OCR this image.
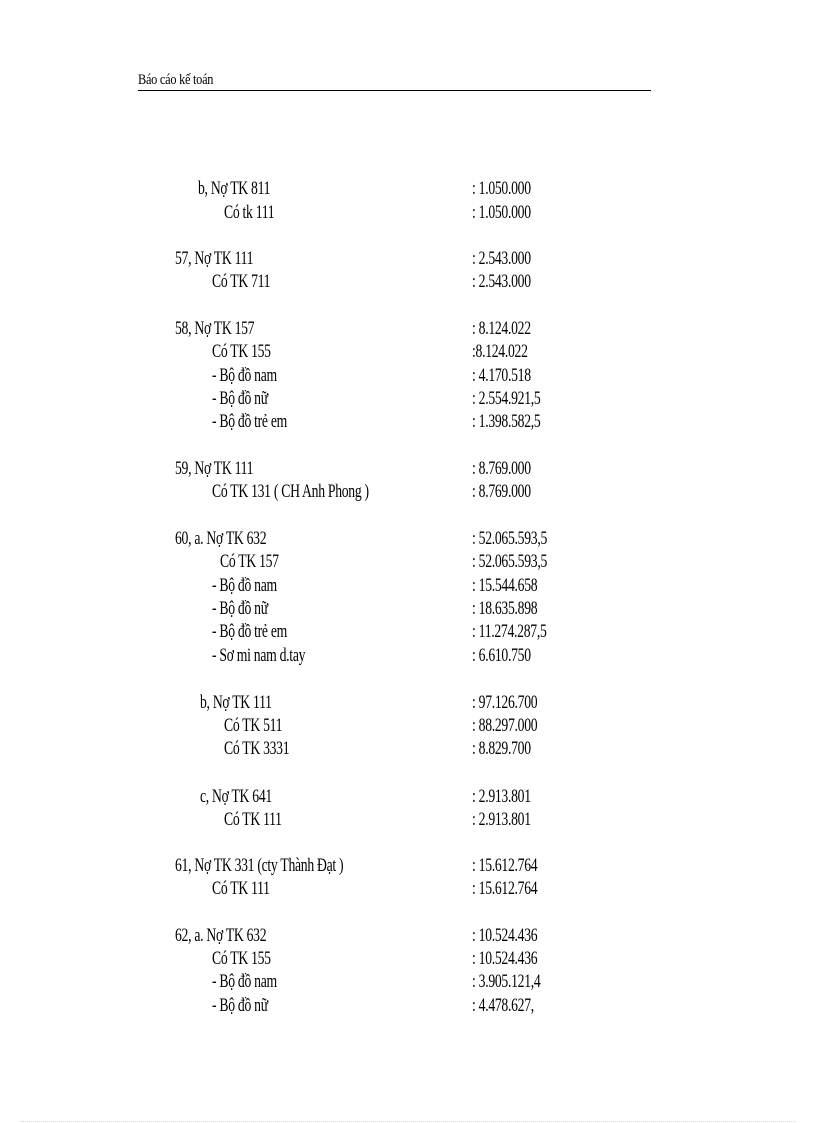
Báo cáo kế toán
b, Nợ TK 811	: 1.050.000
Có tk 111	: 1.050.000
57, Nợ TK 111	: 2.543.000
Có TK 711	: 2.543.000
58, Nợ TK 157	: 8.124.022
Có TK 155	:8.124.022
- Bộ đồ nam	: 4.170.518
- Bộ đồ nữ	: 2.554.921,5
- Bộ đồ trẻ em	: 1.398.582,5
59, Nợ TK 111	: 8.769.000
Có TK 131 ( CH Anh Phong )	: 8.769.000
60, a. Nợ TK 632	: 52.065.593,5
Có TK 157	: 52.065.593,5
- Bộ đồ nam	: 15.544.658
- Bộ đồ nữ	: 18.635.898
- Bộ đồ trẻ em	: 11.274.287,5
- Sơ mi nam d.tay	: 6.610.750
b, Nợ TK 111	: 97.126.700
Có TK 511	: 88.297.000
Có TK 3331	: 8.829.700
c, Nợ TK 641	: 2.913.801
Có TK 111	: 2.913.801
61, Nợ TK 331 (cty Thành Đạt )	: 15.612.764
Có TK 111	: 15.612.764
62, a. Nợ TK 632	: 10.524.436
Có TK 155	: 10.524.436
- Bộ đồ nam	: 3.905.121,4
- Bộ đồ nữ	: 4.478.627,
